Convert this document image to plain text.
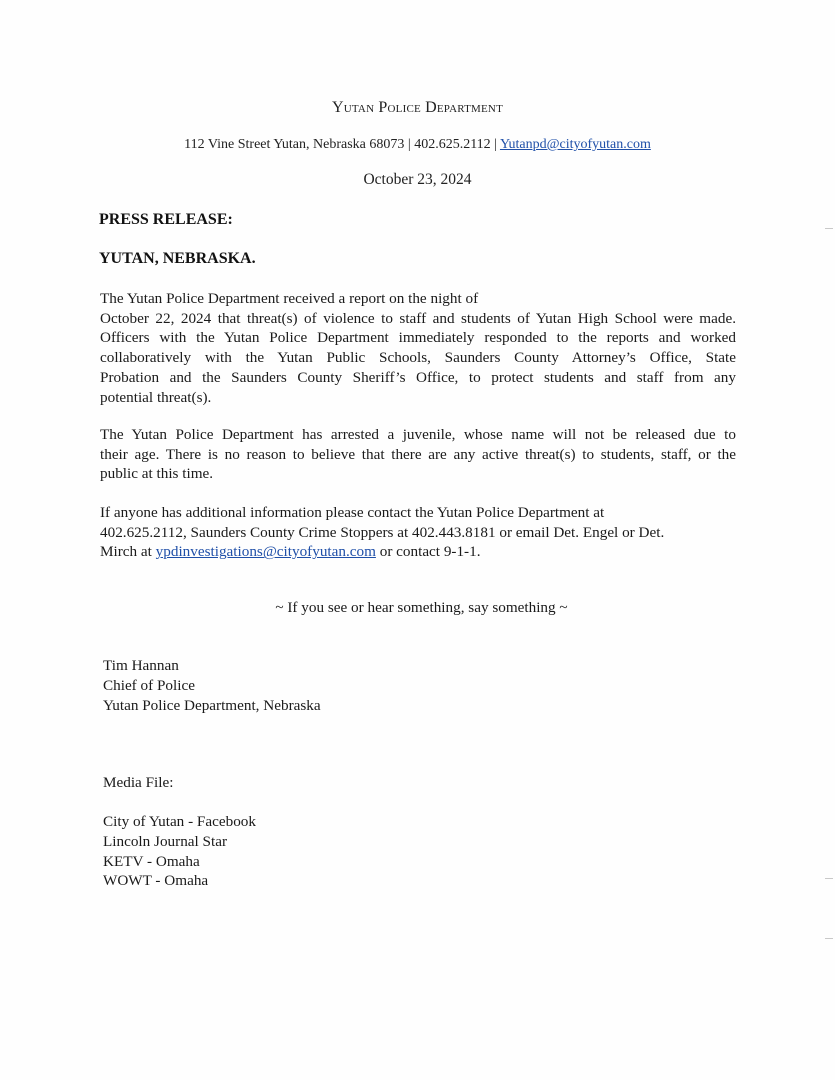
Yutan Police Department
112 Vine Street Yutan, Nebraska 68073 | 402.625.2112 | Yutanpd@cityofyutan.com
October 23, 2024
PRESS RELEASE:
YUTAN, NEBRASKA.
The Yutan Police Department received a report on the night of
October 22, 2024 that threat(s) of violence to staff and students of Yutan High School were made.
Officers with the Yutan Police Department immediately responded to the reports and worked
collaboratively with the Yutan Public Schools, Saunders County Attorney’s Office, State
Probation and the Saunders County Sheriff’s Office, to protect students and staff from any
potential threat(s).
The Yutan Police Department has arrested a juvenile, whose name will not be released due to
their age. There is no reason to believe that there are any active threat(s) to students, staff, or the
public at this time.
If anyone has additional information please contact the Yutan Police Department at
402.625.2112, Saunders County Crime Stoppers at 402.443.8181 or email Det. Engel or Det.
Mirch at ypdinvestigations@cityofyutan.com or contact 9-1-1.
~ If you see or hear something, say something ~
Tim Hannan
Chief of Police
Yutan Police Department, Nebraska
Media File:
City of Yutan - Facebook
Lincoln Journal Star
KETV - Omaha
WOWT - Omaha
